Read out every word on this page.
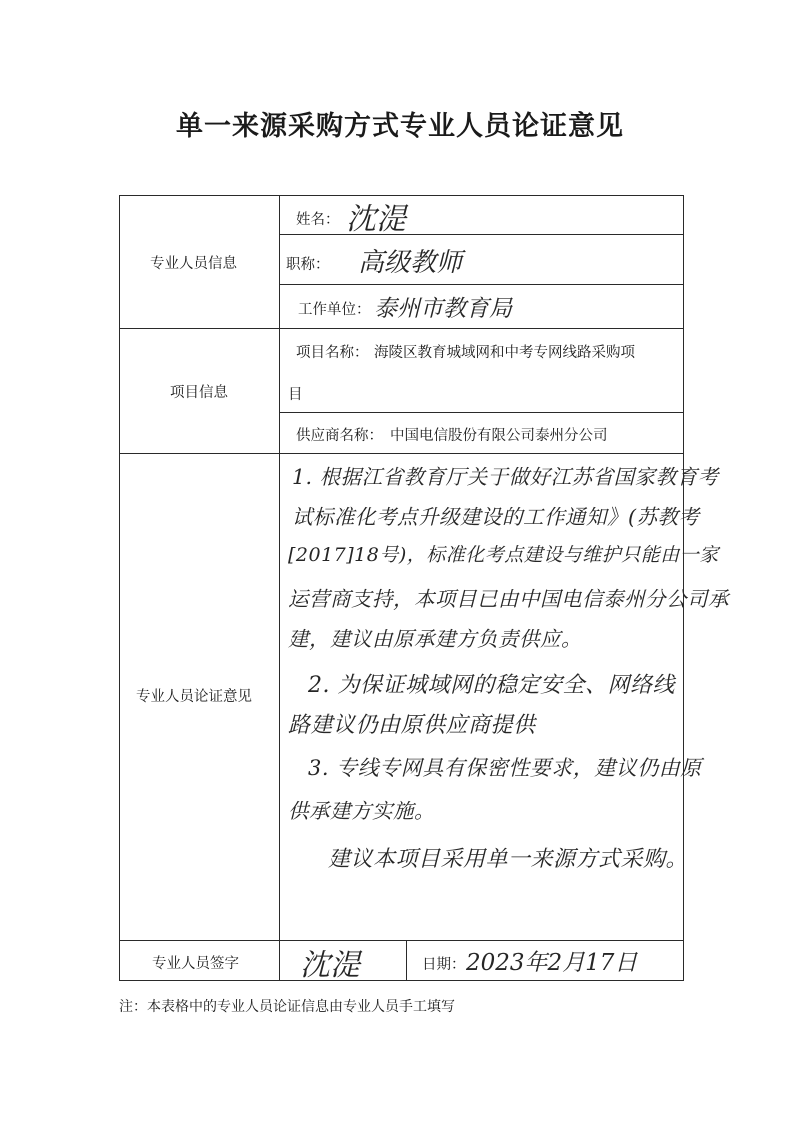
单一来源采购方式专业人员论证意见
专业人员信息
姓名： 沈湜
职称： 高级教师
工作单位： 泰州市教育局
项目信息
项目名称： 海陵区教育城域网和中考专网线路采购项
目
供应商名称： 中国电信股份有限公司泰州分公司
专业人员论证意见
1. 根据江省教育厅关于做好江苏省国家教育考
试标准化考点升级建设的工作通知》(苏教考
[2017]18号)，标准化考点建设与维护只能由一家
运营商支持，本项目已由中国电信泰州分公司承
建，建议由原承建方负责供应。
2. 为保证城域网的稳定安全、网络线
路建议仍由原供应商提供
3. 专线专网具有保密性要求，建议仍由原
供承建方实施。
建议本项目采用单一来源方式采购。
专业人员签字 沈湜	日期： 2023年2月17日
注：本表格中的专业人员论证信息由专业人员手工填写
